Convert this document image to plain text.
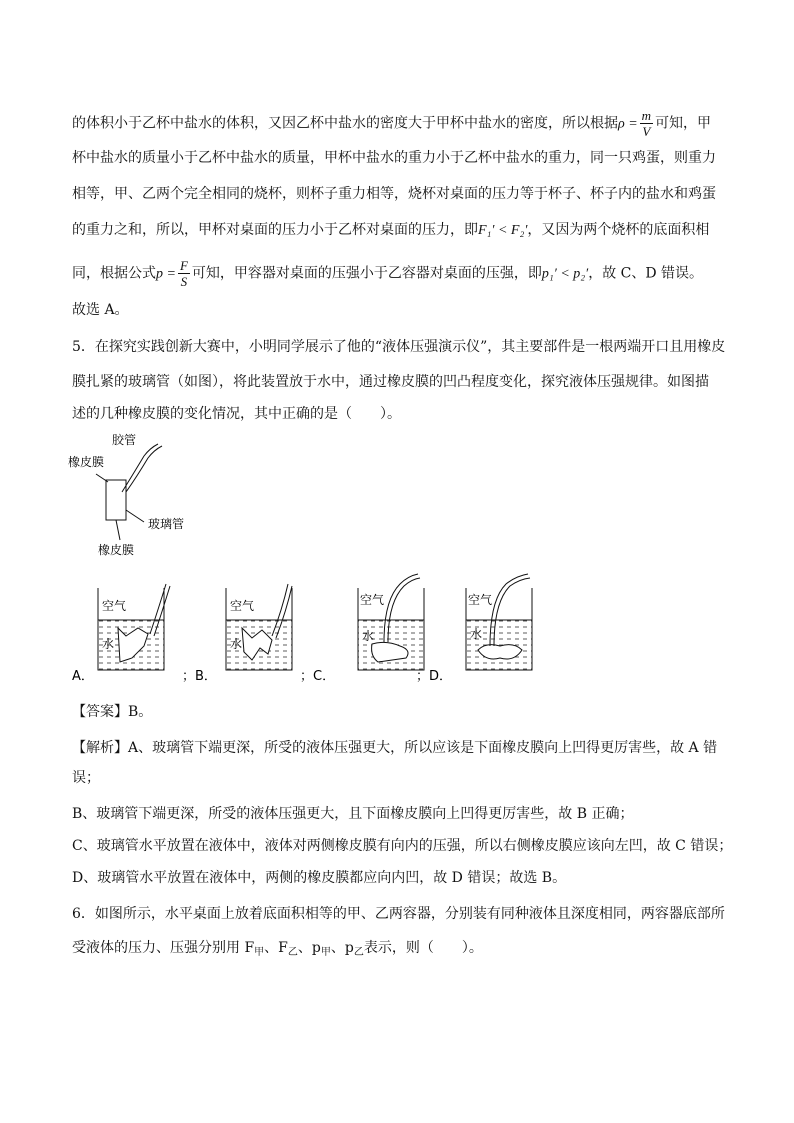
的体积小于乙杯中盐水的体积，又因乙杯中盐水的密度大于甲杯中盐水的密度，所以根据$\rho = \frac{m}{V}$ 可知，甲
杯中盐水的质量小于乙杯中盐水的质量，甲杯中盐水的重力小于乙杯中盐水的重力，同一只鸡蛋，则重力
相等，甲、乙两个完全相同的烧杯，则杯子重力相等，烧杯对桌面的压力等于杯子、杯子内的盐水和鸡蛋
的重力之和，所以，甲杯对桌面的压力小于乙杯对桌面的压力，即F₁′ < F₂′，又因为两个烧杯的底面积相
同，根据公式$p = \frac{F}{S}$ 可知，甲容器对桌面的压强小于乙容器对桌面的压强，即p₁′ < p₂′，故 C、D 错误。
故选 A。
5．在探究实践创新大赛中，小明同学展示了他的“液体压强演示仪”，其主要部件是一根两端开口且用橡皮
膜扎紧的玻璃管（如图），将此装置放于水中，通过橡皮膜的凹凸程度变化，探究液体压强规律。如图描
述的几种橡皮膜的变化情况，其中正确的是（　　）。
胶管
橡皮膜
玻璃管
橡皮膜
空气
水
A．
空气
水
；B．
空气
水
；C．
空气
水
；D．
【答案】B。
【解析】A、玻璃管下端更深，所受的液体压强更大，所以应该是下面橡皮膜向上凹得更厉害些，故 A 错
误；
B、玻璃管下端更深，所受的液体压强更大，且下面橡皮膜向上凹得更厉害些，故 B 正确；
C、玻璃管水平放置在液体中，液体对两侧橡皮膜有向内的压强，所以右侧橡皮膜应该向左凹，故 C 错误；
D、玻璃管水平放置在液体中，两侧的橡皮膜都应向内凹，故 D 错误；故选 B。
6．如图所示，水平桌面上放着底面积相等的甲、乙两容器，分别装有同种液体且深度相同，两容器底部所
受液体的压力、压强分别用 $F_甲$、$F_乙$、$p_甲$、$p_乙$表示，则（　　）。
